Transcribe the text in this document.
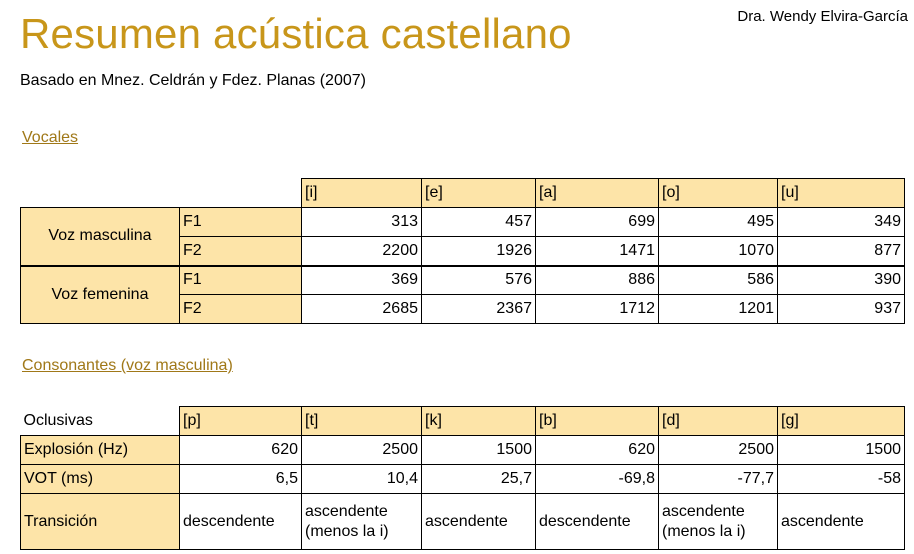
Dra. Wendy Elvira-García
Resumen acústica castellano
Basado en Mnez. Celdrán y Fdez. Planas (2007)
Vocales
		[i]	[e]	[a]	[o]	[u]
Voz masculina	F1	313	457	699	495	349
	F2	2200	1926	1471	1070	877
Voz femenina	F1	369	576	886	586	390
	F2	2685	2367	1712	1201	937
Consonantes (voz masculina)
Oclusivas	[p]	[t]	[k]	[b]	[d]	[g]
Explosión (Hz)	620	2500	1500	620	2500	1500
VOT (ms)	6,5	10,4	25,7	-69,8	-77,7	-58
Transición	descendente	ascendente (menos la i)	ascendente	descendente	ascendente (menos la i)	ascendente
